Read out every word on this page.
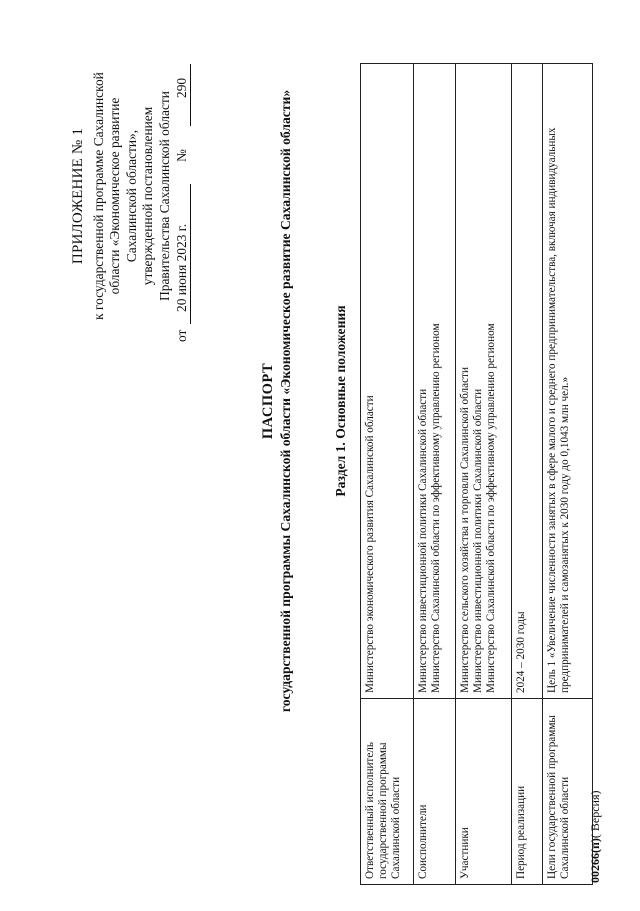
ПРИЛОЖЕНИЕ № 1 к государственной программе Сахалинской области «Экономическое развитие Сахалинской области», утвержденной постановлением Правительства Сахалинской области
от
20 июня 2023 г.
№
290
ПАСПОРТ государственной программы Сахалинской области «Экономическое развитие Сахалинской области»	Раздел 1. Основные положения
Ответственный исполнитель государственной программы Сахалинской области	Министерство экономического развития Сахалинской области
Соисполнители	Министерство инвестиционной политики Сахалинской области Министерство Сахалинской области по эффективному управлению регионом

Участники	Министерство сельского хозяйства и торговли Сахалинской области Министерство инвестиционной политики Сахалинской области Министерство Сахалинской области по эффективному управлению регионом

Период реализации	2024 – 2030 годы
Цели государственной программы Сахалинской области	Цель 1 «Увеличение численности занятых в сфере малого и среднего предпринимательства, включая индивидуальных предпринимателей и самозанятых к 2030 году до 0,1043 млн чел.»
00266(п)( Версия)
